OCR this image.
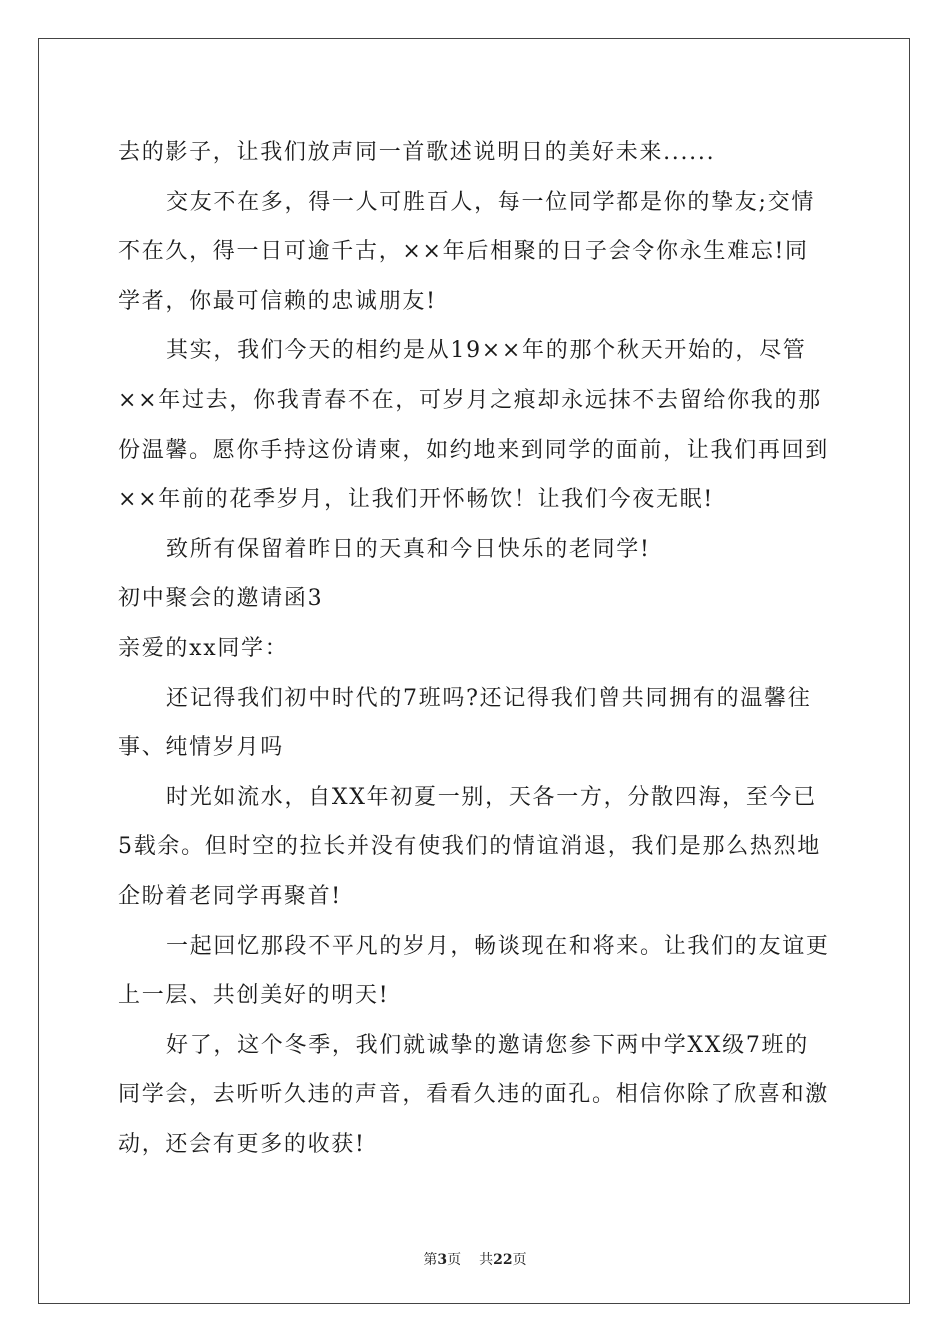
去的影子，让我们放声同一首歌述说明日的美好未来......
交友不在多，得一人可胜百人，每一位同学都是你的挚友;交情
不在久，得一日可逾千古，××年后相聚的日子会令你永生难忘!同
学者，你最可信赖的忠诚朋友!
其实，我们今天的相约是从19××年的那个秋天开始的，尽管
××年过去，你我青春不在，可岁月之痕却永远抹不去留给你我的那
份温馨。愿你手持这份请柬，如约地来到同学的面前，让我们再回到
××年前的花季岁月，让我们开怀畅饮！让我们今夜无眠!
致所有保留着昨日的天真和今日快乐的老同学!
初中聚会的邀请函3
亲爱的xx同学：
还记得我们初中时代的7班吗?还记得我们曾共同拥有的温馨往
事、纯情岁月吗
时光如流水，自XX年初夏一别，天各一方，分散四海，至今已
5载余。但时空的拉长并没有使我们的情谊消退，我们是那么热烈地
企盼着老同学再聚首!
一起回忆那段不平凡的岁月，畅谈现在和将来。让我们的友谊更
上一层、共创美好的明天!
好了，这个冬季，我们就诚挚的邀请您参下两中学XX级7班的
同学会，去听听久违的声音，看看久违的面孔。相信你除了欣喜和激
动，还会有更多的收获!
第3页 共22页
